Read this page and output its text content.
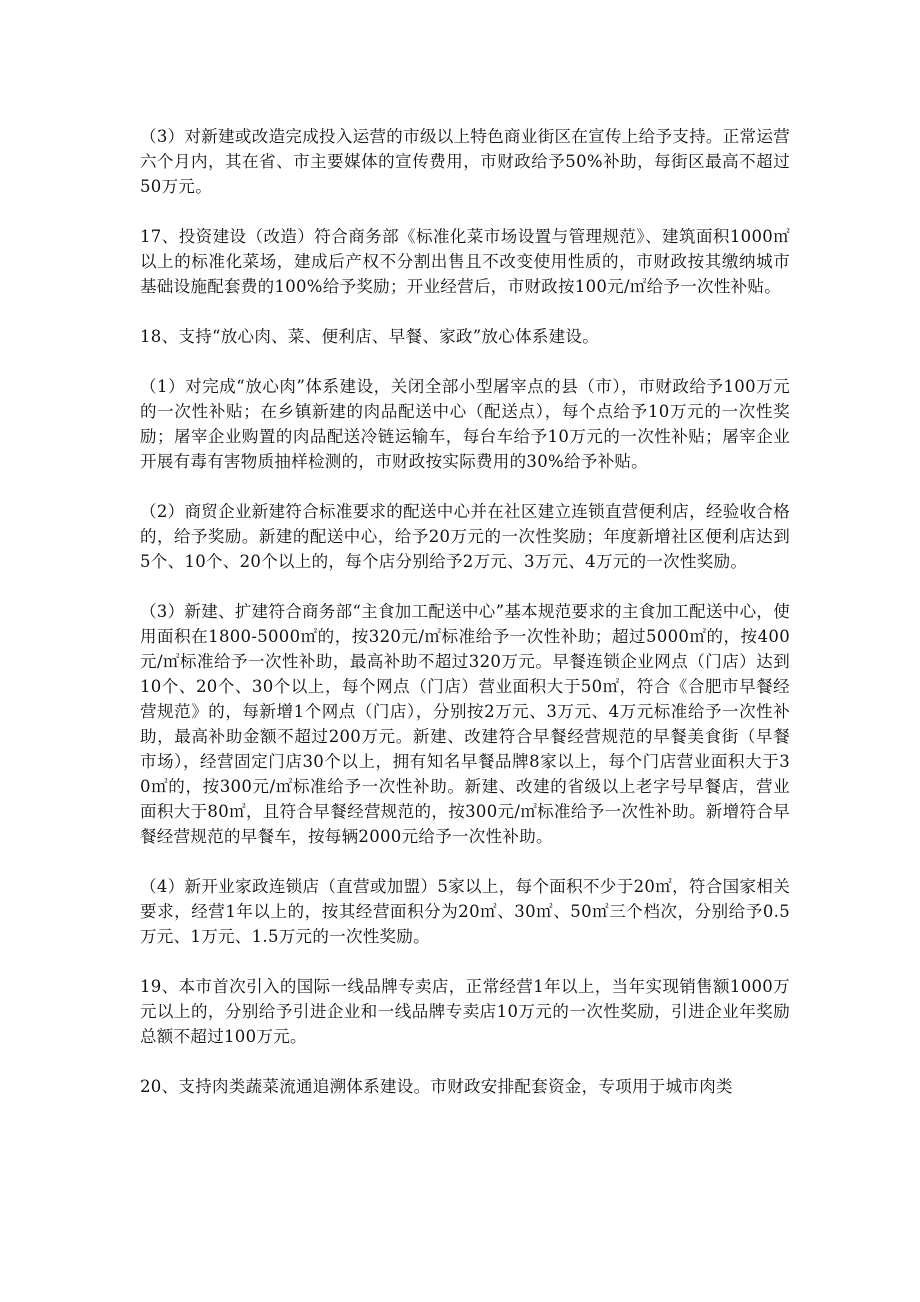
（3）对新建或改造完成投入运营的市级以上特色商业街区在宣传上给予支持。正常运营六个月内，其在省、市主要媒体的宣传费用，市财政给予50%补助，每街区最高不超过50万元。

17、投资建设（改造）符合商务部《标准化菜市场设置与管理规范》、建筑面积1000㎡以上的标准化菜场，建成后产权不分割出售且不改变使用性质的，市财政按其缴纳城市基础设施配套费的100%给予奖励；开业经营后，市财政按100元/㎡给予一次性补贴。

18、支持“放心肉、菜、便利店、早餐、家政”放心体系建设。

（1）对完成“放心肉”体系建设，关闭全部小型屠宰点的县（市），市财政给予100万元的一次性补贴；在乡镇新建的肉品配送中心（配送点），每个点给予10万元的一次性奖励；屠宰企业购置的肉品配送冷链运输车，每台车给予10万元的一次性补贴；屠宰企业开展有毒有害物质抽样检测的，市财政按实际费用的30%给予补贴。

（2）商贸企业新建符合标准要求的配送中心并在社区建立连锁直营便利店，经验收合格的，给予奖励。新建的配送中心，给予20万元的一次性奖励；年度新增社区便利店达到5个、10个、20个以上的，每个店分别给予2万元、3万元、4万元的一次性奖励。

（3）新建、扩建符合商务部“主食加工配送中心”基本规范要求的主食加工配送中心，使用面积在1800-5000㎡的，按320元/㎡标准给予一次性补助；超过5000㎡的，按400元/㎡标准给予一次性补助，最高补助不超过320万元。早餐连锁企业网点（门店）达到10个、20个、30个以上，每个网点（门店）营业面积大于50㎡，符合《合肥市早餐经营规范》的，每新增1个网点（门店），分别按2万元、3万元、4万元标准给予一次性补助，最高补助金额不超过200万元。新建、改建符合早餐经营规范的早餐美食街（早餐市场），经营固定门店30个以上，拥有知名早餐品牌8家以上，每个门店营业面积大于30㎡的，按300元/㎡标准给予一次性补助。新建、改建的省级以上老字号早餐店，营业面积大于80㎡，且符合早餐经营规范的，按300元/㎡标准给予一次性补助。新增符合早餐经营规范的早餐车，按每辆2000元给予一次性补助。

（4）新开业家政连锁店（直营或加盟）5家以上，每个面积不少于20㎡，符合国家相关要求，经营1年以上的，按其经营面积分为20㎡、30㎡、50㎡三个档次，分别给予0.5万元、1万元、1.5万元的一次性奖励。

19、本市首次引入的国际一线品牌专卖店，正常经营1年以上，当年实现销售额1000万元以上的，分别给予引进企业和一线品牌专卖店10万元的一次性奖励，引进企业年奖励总额不超过100万元。

20、支持肉类蔬菜流通追溯体系建设。市财政安排配套资金，专项用于城市肉类
